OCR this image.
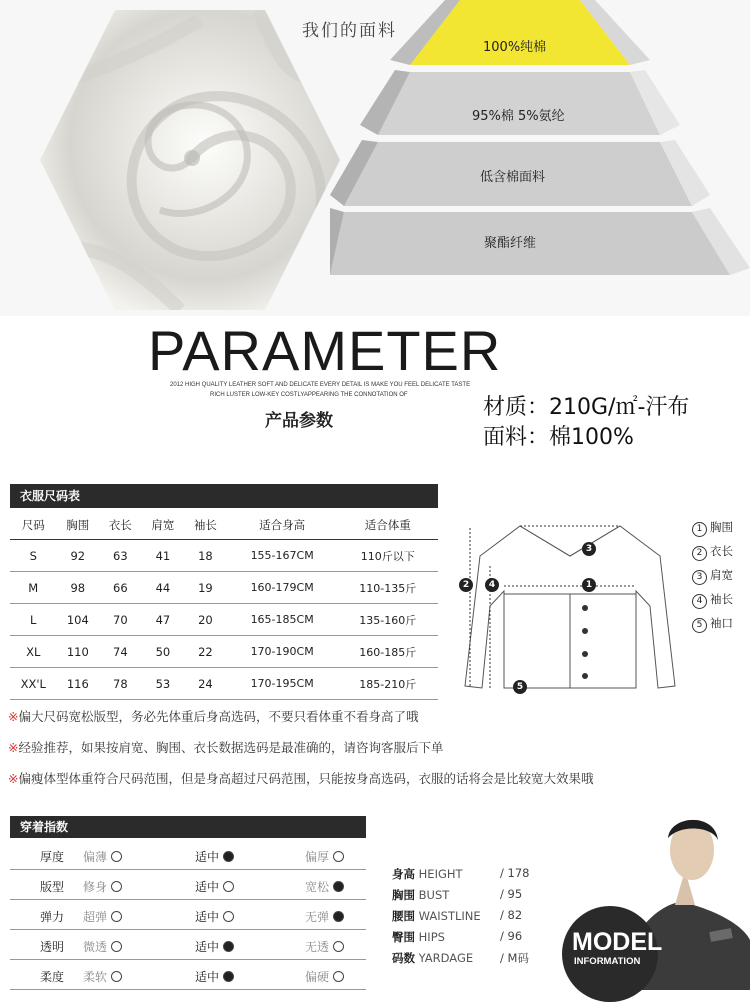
我们的面料
100%纯棉
95%棉 5%氨纶
低含棉面料
聚酯纤维
PARAMETER
2012 HIGH QUALITY LEATHER SOFT AND DELICATE EVERY DETAIL IS MAKE YOU FEEL DELICATE TASTE
RICH LUSTER LOW-KEY COSTLYAPPEARING THE CONNOTATION OF
产品参数
材质：210G/㎡-汗布
面料：棉100%
衣服尺码表
尺码	胸围	衣长	肩宽	袖长	适合身高	适合体重
S	92	63	41	18	155-167CM	110斤以下
M	98	66	44	19	160-179CM	110-135斤
L	104	70	47	20	165-185CM	135-160斤
XL	110	74	50	22	170-190CM	160-185斤
XX'L	116	78	53	24	170-195CM	185-210斤
1
2
3
4
5
1 胸围
2 衣长
3 肩宽
4 袖长
5 袖口
※偏大尺码宽松版型，务必先体重后身高选码，不要只看体重不看身高了哦
※经验推荐，如果按肩宽、胸围、衣长数据选码是最准确的，请咨询客服后下单
※偏瘦体型体重符合尺码范围，但是身高超过尺码范围，只能按身高选码，衣服的话将会是比较宽大效果哦
穿着指数
厚度 偏薄	适中	偏厚
版型 修身	适中	宽松
弹力 超弹	适中	无弹
透明 微透	适中	无透
柔度 柔软	适中	偏硬
身高 HEIGHT	/ 178
胸围 BUST	/ 95
腰围 WAISTLINE / 82
臀围 HIPS	/ 96
码数 YARDAGE / M码
MODEL
INFORMATION
